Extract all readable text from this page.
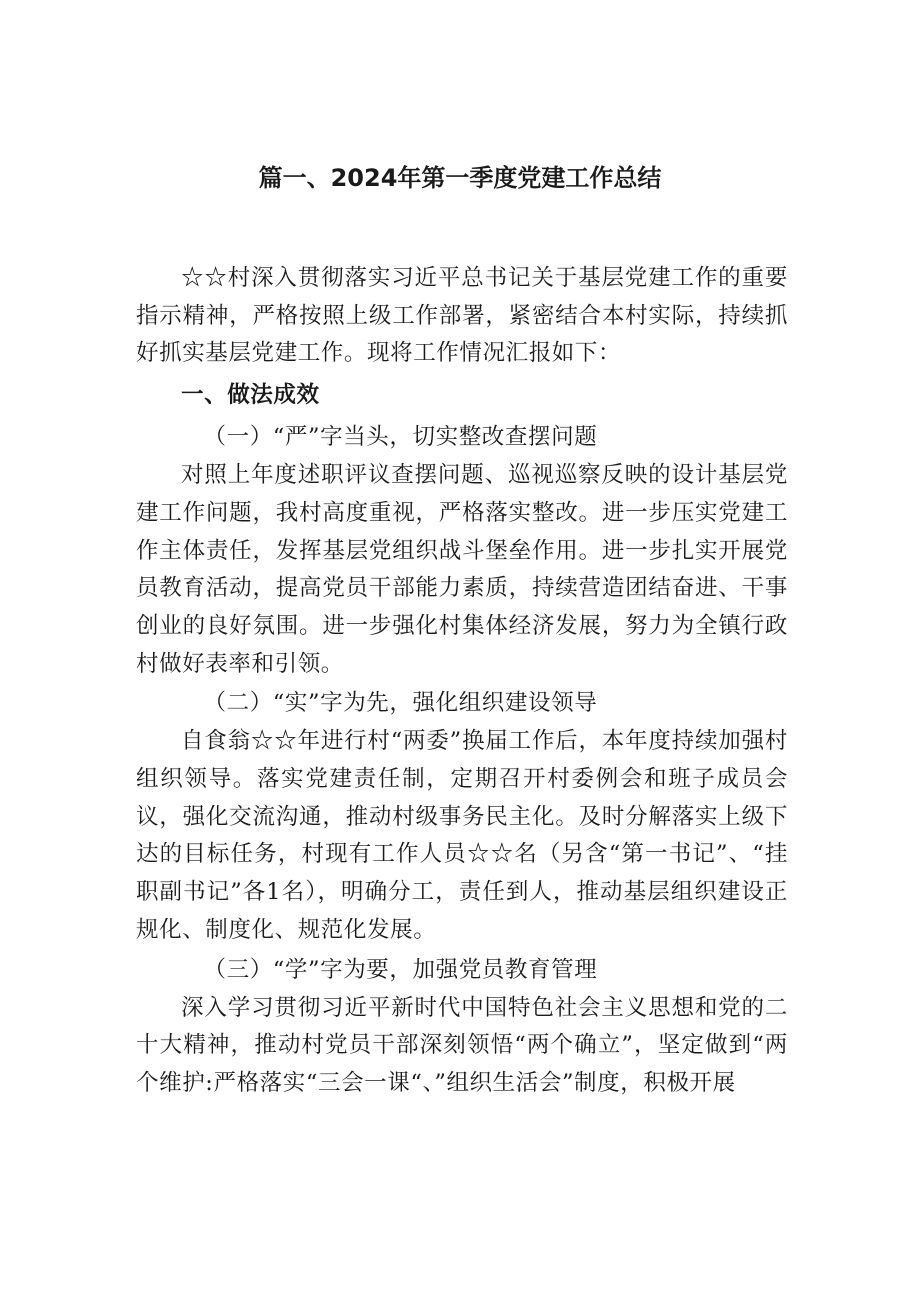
篇一、2024年第一季度党建工作总结

☆☆村深入贯彻落实习近平总书记关于基层党建工作的重要指示精神，严格按照上级工作部署，紧密结合本村实际，持续抓好抓实基层党建工作。现将工作情况汇报如下：

一、做法成效

（一）“严”字当头，切实整改查摆问题

对照上年度述职评议查摆问题、巡视巡察反映的设计基层党建工作问题，我村高度重视，严格落实整改。进一步压实党建工作主体责任，发挥基层党组织战斗堡垒作用。进一步扎实开展党员教育活动，提高党员干部能力素质，持续营造团结奋进、干事创业的良好氛围。进一步强化村集体经济发展，努力为全镇行政村做好表率和引领。

（二）“实”字为先，强化组织建设领导

自食翁☆☆年进行村“两委”换届工作后，本年度持续加强村组织领导。落实党建责任制，定期召开村委例会和班子成员会议，强化交流沟通，推动村级事务民主化。及时分解落实上级下达的目标任务，村现有工作人员☆☆名（另含“第一书记”、“挂职副书记”各1名），明确分工，责任到人，推动基层组织建设正规化、制度化、规范化发展。

（三）“学”字为要，加强党员教育管理

深入学习贯彻习近平新时代中国特色社会主义思想和党的二十大精神，推动村党员干部深刻领悟“两个确立”，坚定做到“两个维护:严格落实“三会一课“、”组织生活会”制度，积极开展
